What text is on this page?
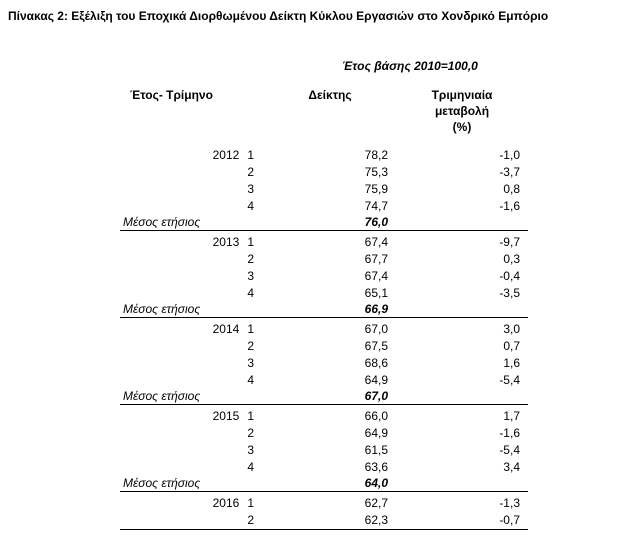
Πίνακας 2: Εξέλιξη του Εποχικά Διορθωμένου Δείκτη Κύκλου Εργασιών στο Χονδρικό Εμπόριο
Έτος βάσης 2010=100,0
Έτος- Τρίμηνο	Δείκτης	Τριμηνιαία
μεταβολή
(%)

2012 1	78,2	-1,0
2	75,3	-3,7
3	75,9	0,8
4	74,7	-1,6
Μέσος ετήσιος	76,0	
2013 1	67,4	-9,7
2	67,7	0,3
3	67,4	-0,4
4	65,1	-3,5
Μέσος ετήσιος	66,9	
2014 1	67,0	3,0
2	67,5	0,7
3	68,6	1,6
4	64,9	-5,4
Μέσος ετήσιος	67,0	
2015 1	66,0	1,7
2	64,9	-1,6
3	61,5	-5,4
4	63,6	3,4
Μέσος ετήσιος	64,0	
2016 1	62,7	-1,3
2	62,3	-0,7
